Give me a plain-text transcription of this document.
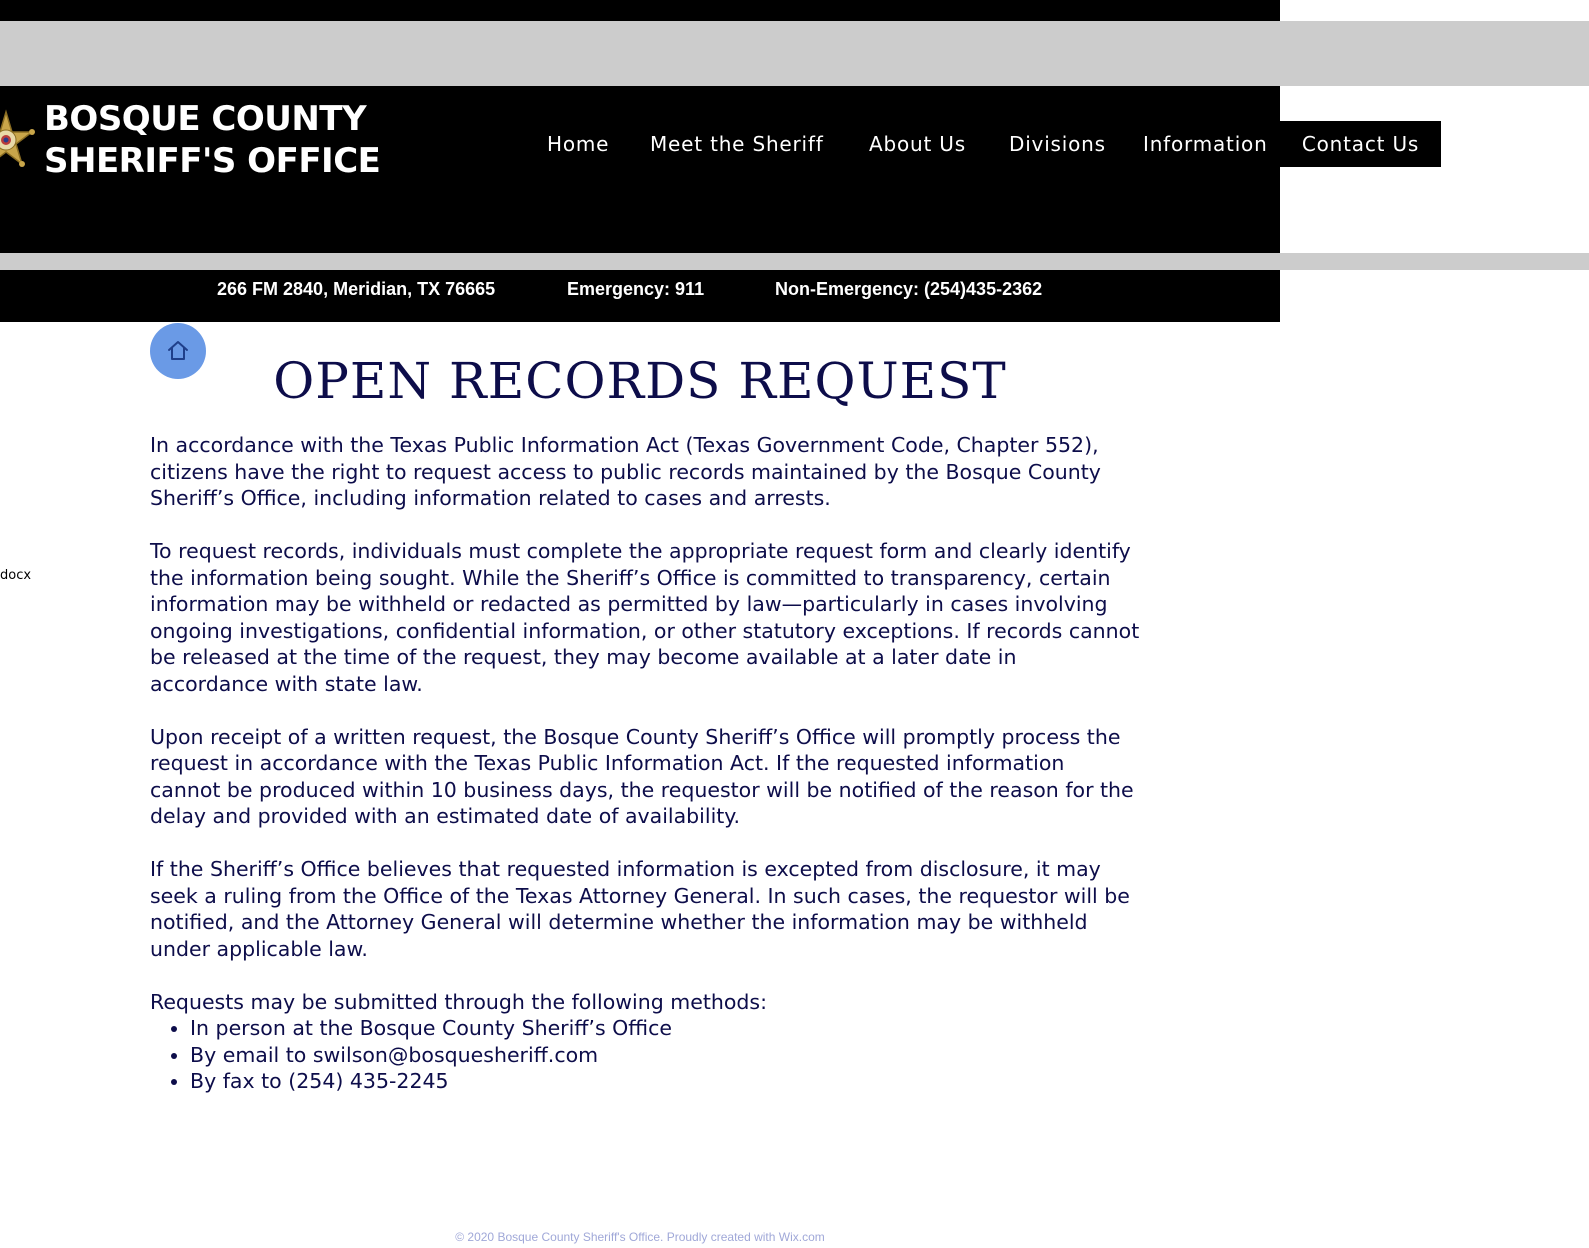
BOSQUE COUNTY
SHERIFF'S OFFICE	Home Meet the Sheriff About Us Divisions Information	Contact Us
266 FM 2840, Meridian, TX 76665	Emergency: 911	Non-Emergency: (254)435-2362
docx
OPEN RECORDS REQUEST

In accordance with the Texas Public Information Act (Texas Government Code, Chapter 552), citizens have the right to request access to public records maintained by the Bosque County Sheriff’s Office, including information related to cases and arrests.

To request records, individuals must complete the appropriate request form and clearly identify the information being sought. While the Sheriff’s Office is committed to transparency, certain information may be withheld or redacted as permitted by law—particularly in cases involving ongoing investigations, confidential information, or other statutory exceptions. If records cannot be released at the time of the request, they may become available at a later date in accordance with state law.

Upon receipt of a written request, the Bosque County Sheriff’s Office will promptly process the request in accordance with the Texas Public Information Act. If the requested information cannot be produced within 10 business days, the requestor will be notified of the reason for the delay and provided with an estimated date of availability.

If the Sheriff’s Office believes that requested information is excepted from disclosure, it may seek a ruling from the Office of the Texas Attorney General. In such cases, the requestor will be notified, and the Attorney General will determine whether the information may be withheld under applicable law.

Requests may be submitted through the following methods:

• In person at the Bosque County Sheriff’s Office
• By email to swilson@bosquesheriff.com
• By fax to (254) 435-2245
© 2020 Bosque County Sheriff's Office. Proudly created with Wix.com
